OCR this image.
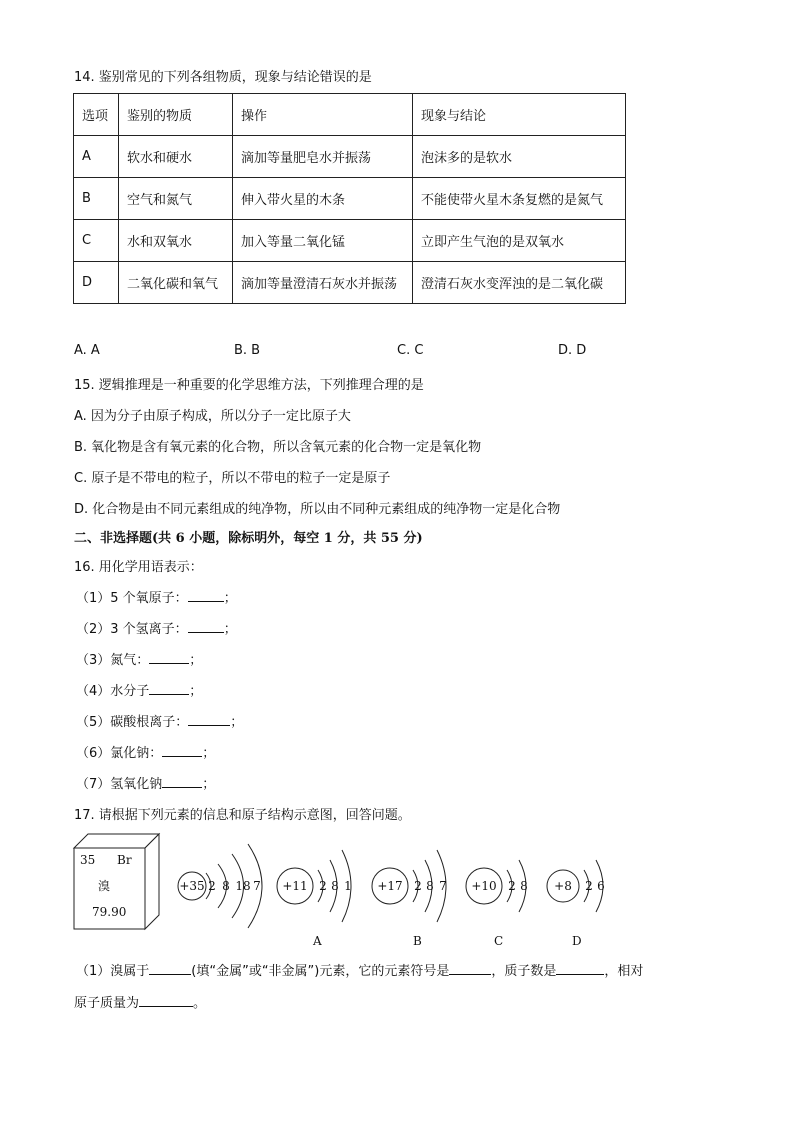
14. 鉴别常见的下列各组物质，现象与结论错误的是
选项	鉴别的物质	操作	现象与结论
A	软水和硬水	滴加等量肥皂水并振荡	泡沫多的是软水
B	空气和氮气	伸入带火星的木条	不能使带火星木条复燃的是氮气
C	水和双氧水	加入等量二氧化锰	立即产生气泡的是双氧水
D	二氧化碳和氧气	滴加等量澄清石灰水并振荡	澄清石灰水变浑浊的是二氧化碳
A. A	B. B	C. C	D. D
15. 逻辑推理是一种重要的化学思维方法，下列推理合理的是
A. 因为分子由原子构成，所以分子一定比原子大
B. 氧化物是含有氧元素的化合物，所以含氧元素的化合物一定是氧化物
C. 原子是不带电的粒子，所以不带电的粒子一定是原子
D. 化合物是由不同元素组成的纯净物，所以由不同种元素组成的纯净物一定是化合物
二、非选择题(共 6 小题，除标明外，每空 1 分，共 55 分)
16. 用化学用语表示：
（1）5 个氧原子：	；
（2）3 个氢离子：	；
（3）氮气：	；
（4）水分子	；
（5）碳酸根离子：	；
（6）氯化钠：	；
（7）氢氧化钠	；
17. 请根据下列元素的信息和原子结构示意图，回答问题。
35 Br
溴
79.90
+35 2 8 18 7 +11 2 8 1 +17 2 8 7 +10 2 8 +8 2 6
A	B	C	D
（1）溴属于	(填“金属”或“非金属”)元素，它的元素符号是	，质子数是	，相对
原子质量为	。
